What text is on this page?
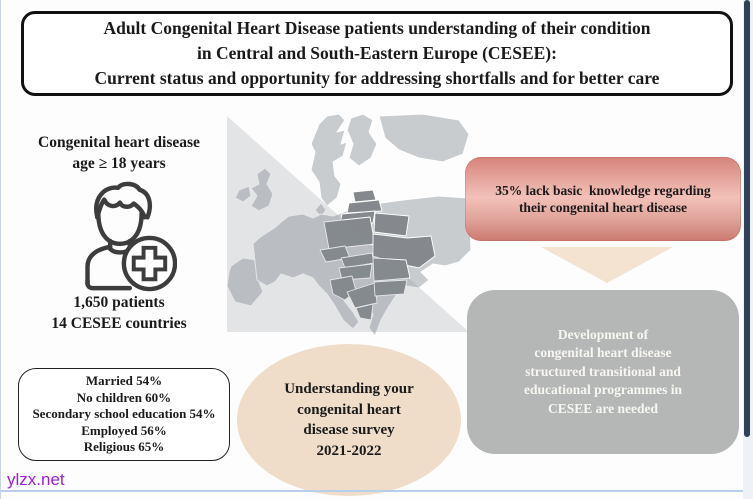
Adult Congenital Heart Disease patients understanding of their condition
in Central and South-Eastern Europe (CESEE):
Current status and opportunity for addressing shortfalls and for better care
Congenital heart disease
age ≥ 18 years
1,650 patients
14 CESEE countries
Married 54%
No children 60%
Secondary school education 54%
Employed 56%
Religious 65%
Understanding your
congenital heart
disease survey
2021-2022
35% lack basic  knowledge regarding
their congenital heart disease
Development of
congenital heart disease
structured transitional and
educational programmes in
CESEE are needed
ylzx.net
